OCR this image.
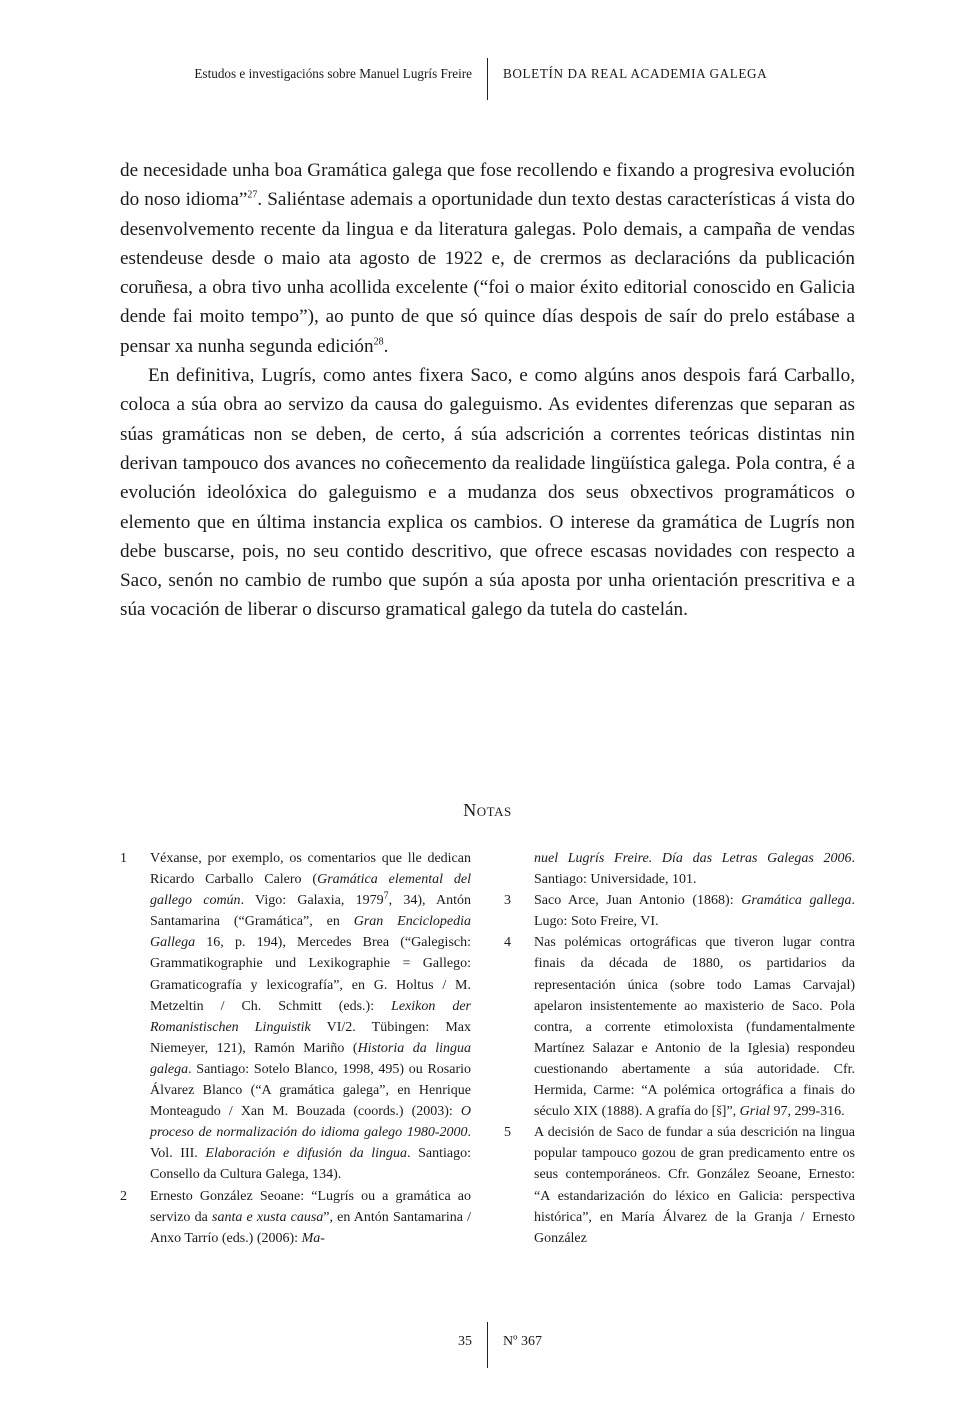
Estudos e investigacións sobre Manuel Lugrís Freire BOLETÍN DA REAL ACADEMIA GALEGA

de necesidade unha boa Gramática galega que fose recollendo e fixando a progresiva evolución do noso idioma”$^{27}$. Saliéntase ademais a oportunidade dun texto destas características á vista do desenvolvemento recente da lingua e da literatura galegas. Polo demais, a campaña de vendas estendeuse desde o maio ata agosto de 1922 e, de crermos as declaracións da publicación coruñesa, a obra tivo unha acollida excelente (“foi o maior éxito editorial conoscido en Galicia dende fai moito tempo”), ao punto de que só quince días despois de saír do prelo estábase a pensar xa nunha segunda edición$^{28}$.

En definitiva, Lugrís, como antes fixera Saco, e como algúns anos despois fará Carballo, coloca a súa obra ao servizo da causa do galeguismo. As evidentes diferenzas que separan as súas gramáticas non se deben, de certo, á súa adscrición a correntes teóricas distintas nin derivan tampouco dos avances no coñecemento da realidade lingüística galega. Pola contra, é a evolución ideolóxica do galeguismo e a mudanza dos seus obxectivos programáticos o elemento que en última instancia explica os cambios. O interese da gramática de Lugrís non debe buscarse, pois, no seu contido descritivo, que ofrece escasas novidades con respecto a Saco, senón no cambio de rumbo que supón a súa aposta por unha orientación prescritiva e a súa vocación de liberar o discurso gramatical galego da tutela do castelán.

Notas
1 Véxanse, por exemplo, os comentarios que lle dedican Ricardo Carballo Calero (Gramática elemental del gallego común. Vigo: Galaxia, 1979$^7$, 34), Antón Santamarina (“Gramática”, en Gran Enciclopedia Gallega 16, p. 194), Mercedes Brea (“Galegisch: Grammatikographie und Lexikographie = Gallego: Gramaticografía y lexicografía”, en G. Holtus / M. Metzeltin / Ch. Schmitt (eds.): Lexikon der Romanistischen Linguistik VI/2. Tübingen: Max Niemeyer, 121), Ramón Mariño (Historia da lingua galega. Santiago: Sotelo Blanco, 1998, 495) ou Rosario Álvarez Blanco (“A gramática galega”, en Henrique Monteagudo / Xan M. Bouzada (coords.) (2003): O proceso de normalización do idioma galego 1980-2000. Vol. III. Elaboración e difusión da lingua. Santiago: Consello da Cultura Galega, 134).
2 Ernesto González Seoane: “Lugrís ou a gramática ao servizo da santa e xusta causa”, en Antón Santamarina / Anxo Tarrío (eds.) (2006): Ma-
nuel Lugrís Freire. Día das Letras Galegas 2006. Santiago: Universidade, 101.
3 Saco Arce, Juan Antonio (1868): Gramática gallega. Lugo: Soto Freire, VI.
4 Nas polémicas ortográficas que tiveron lugar contra finais da década de 1880, os partidarios da representación única (sobre todo Lamas Carvajal) apelaron insistentemente ao maxisterio de Saco. Pola contra, a corrente etimoloxista (fundamentalmente Martínez Salazar e Antonio de la Iglesia) respondeu cuestionando abertamente a súa autoridade. Cfr. Hermida, Carme: “A polémica ortográfica a finais do século XIX (1888). A grafía do [š]”, Grial 97, 299-316.
5 A decisión de Saco de fundar a súa descrición na lingua popular tampouco gozou de gran predicamento entre os seus contemporáneos. Cfr. González Seoane, Ernesto: “A estandarización do léxico en Galicia: perspectiva histórica”, en María Álvarez de la Granja / Ernesto González
35 Nº 367
